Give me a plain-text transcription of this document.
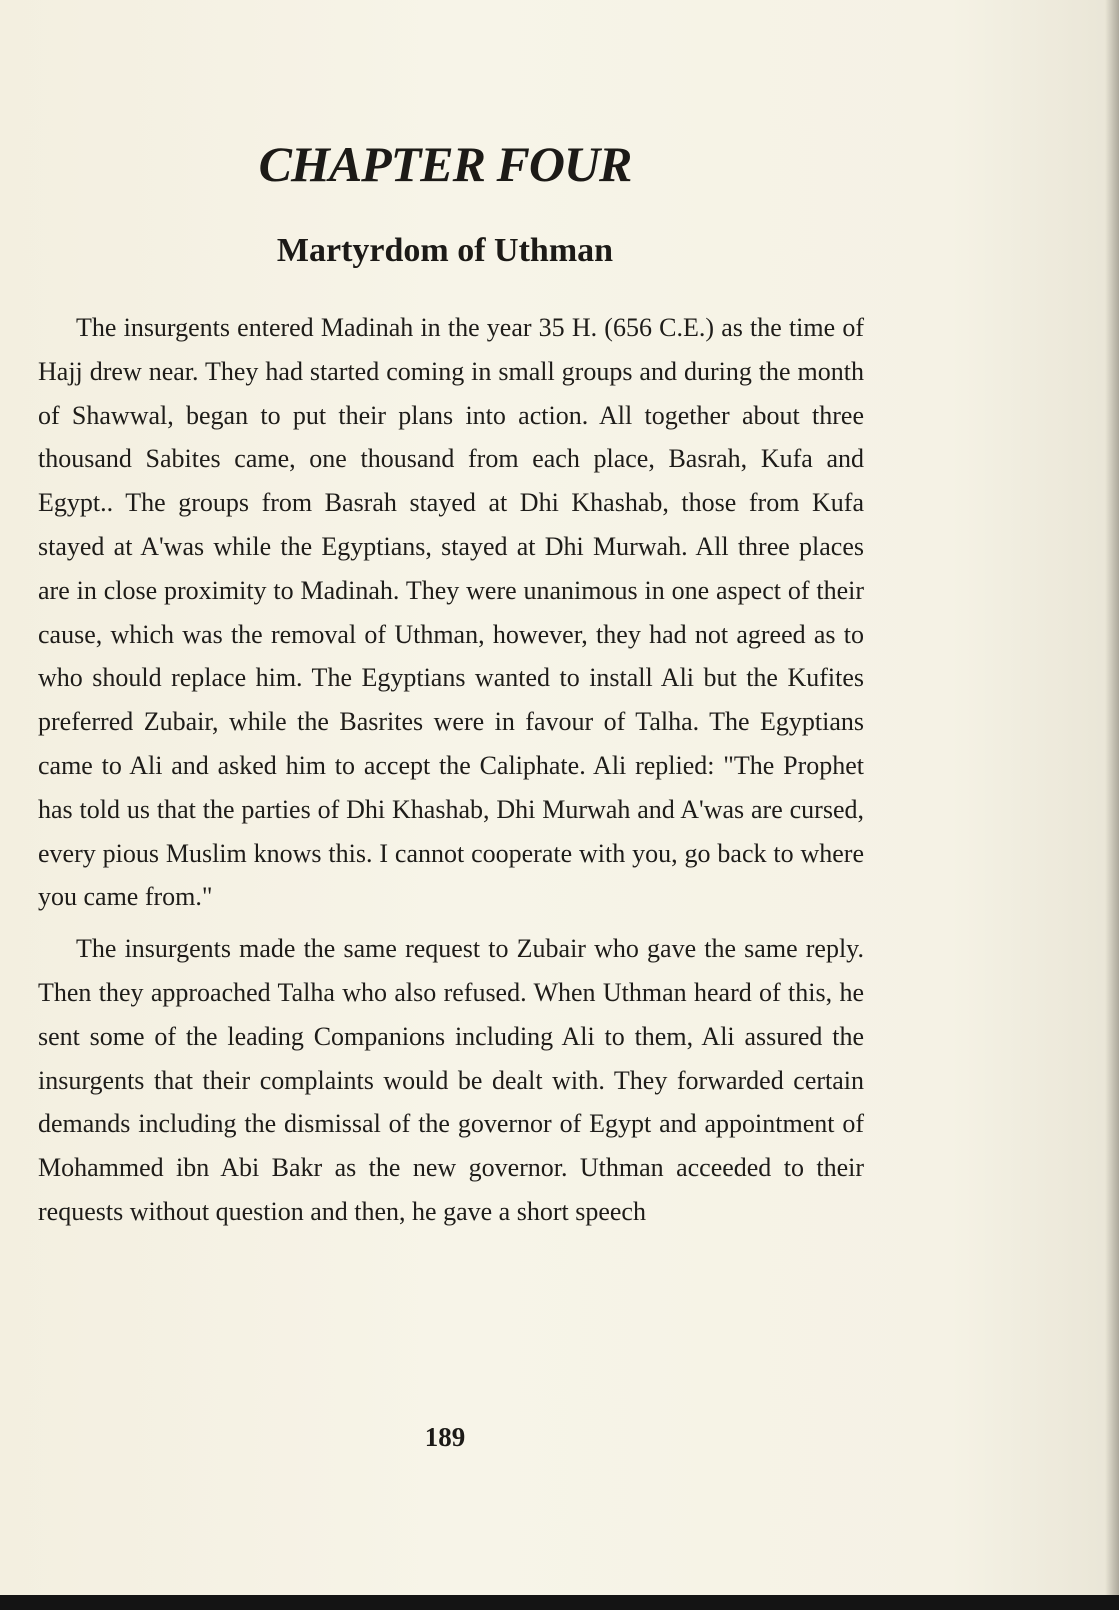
CHAPTER FOUR
Martyrdom of Uthman

The insurgents entered Madinah in the year 35 H. (656 C.E.) as the time of Hajj drew near. They had started coming in small groups and during the month of Shawwal, began to put their plans into action. All together about three thousand Sabites came, one thousand from each place, Basrah, Kufa and Egypt.. The groups from Basrah stayed at Dhi Khashab, those from Kufa stayed at A'was while the Egyptians, stayed at Dhi Murwah. All three places are in close proximity to Madinah. They were unanimous in one aspect of their cause, which was the removal of Uthman, however, they had not agreed as to who should replace him. The Egyptians wanted to install Ali but the Kufites preferred Zubair, while the Basrites were in favour of Talha. The Egyptians came to Ali and asked him to accept the Caliphate. Ali replied: "The Prophet has told us that the parties of Dhi Khashab, Dhi Murwah and A'was are cursed, every pious Muslim knows this. I cannot cooperate with you, go back to where you came from."

The insurgents made the same request to Zubair who gave the same reply. Then they approached Talha who also refused. When Uthman heard of this, he sent some of the leading Companions including Ali to them, Ali assured the insurgents that their complaints would be dealt with. They forwarded certain demands including the dismissal of the governor of Egypt and appointment of Mohammed ibn Abi Bakr as the new governor. Uthman acceeded to their requests without question and then, he gave a short speech

189
